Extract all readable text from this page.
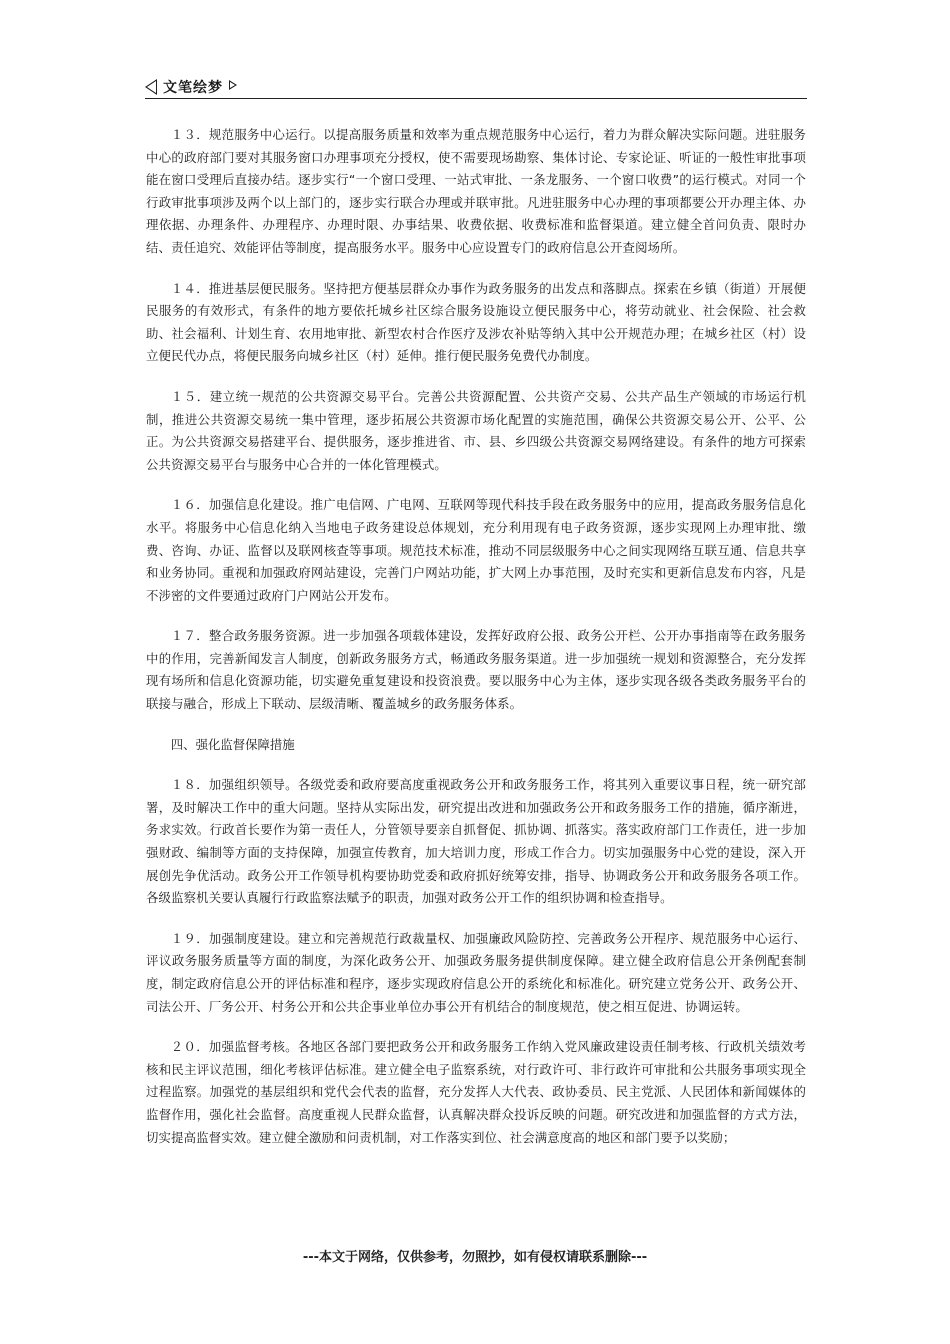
文笔绘梦

１３．规范服务中心运行。以提高服务质量和效率为重点规范服务中心运行，着力为群众解决实际问题。进驻服务中心的政府部门要对其服务窗口办理事项充分授权，使不需要现场勘察、集体讨论、专家论证、听证的一般性审批事项能在窗口受理后直接办结。逐步实行“一个窗口受理、一站式审批、一条龙服务、一个窗口收费”的运行模式。对同一个行政审批事项涉及两个以上部门的，逐步实行联合办理或并联审批。凡进驻服务中心办理的事项都要公开办理主体、办理依据、办理条件、办理程序、办理时限、办事结果、收费依据、收费标准和监督渠道。建立健全首问负责、限时办结、责任追究、效能评估等制度，提高服务水平。服务中心应设置专门的政府信息公开查阅场所。

１４．推进基层便民服务。坚持把方便基层群众办事作为政务服务的出发点和落脚点。探索在乡镇（街道）开展便民服务的有效形式，有条件的地方要依托城乡社区综合服务设施设立便民服务中心，将劳动就业、社会保险、社会救助、社会福利、计划生育、农用地审批、新型农村合作医疗及涉农补贴等纳入其中公开规范办理；在城乡社区（村）设立便民代办点，将便民服务向城乡社区（村）延伸。推行便民服务免费代办制度。

１５．建立统一规范的公共资源交易平台。完善公共资源配置、公共资产交易、公共产品生产领域的市场运行机制，推进公共资源交易统一集中管理，逐步拓展公共资源市场化配置的实施范围，确保公共资源交易公开、公平、公正。为公共资源交易搭建平台、提供服务，逐步推进省、市、县、乡四级公共资源交易网络建设。有条件的地方可探索公共资源交易平台与服务中心合并的一体化管理模式。

１６．加强信息化建设。推广电信网、广电网、互联网等现代科技手段在政务服务中的应用，提高政务服务信息化水平。将服务中心信息化纳入当地电子政务建设总体规划，充分利用现有电子政务资源，逐步实现网上办理审批、缴费、咨询、办证、监督以及联网核查等事项。规范技术标准，推动不同层级服务中心之间实现网络互联互通、信息共享和业务协同。重视和加强政府网站建设，完善门户网站功能，扩大网上办事范围，及时充实和更新信息发布内容，凡是不涉密的文件要通过政府门户网站公开发布。

１７．整合政务服务资源。进一步加强各项载体建设，发挥好政府公报、政务公开栏、公开办事指南等在政务服务中的作用，完善新闻发言人制度，创新政务服务方式，畅通政务服务渠道。进一步加强统一规划和资源整合，充分发挥现有场所和信息化资源功能，切实避免重复建设和投资浪费。要以服务中心为主体，逐步实现各级各类政务服务平台的联接与融合，形成上下联动、层级清晰、覆盖城乡的政务服务体系。

四、强化监督保障措施

１８．加强组织领导。各级党委和政府要高度重视政务公开和政务服务工作，将其列入重要议事日程，统一研究部署，及时解决工作中的重大问题。坚持从实际出发，研究提出改进和加强政务公开和政务服务工作的措施，循序渐进，务求实效。行政首长要作为第一责任人，分管领导要亲自抓督促、抓协调、抓落实。落实政府部门工作责任，进一步加强财政、编制等方面的支持保障，加强宣传教育，加大培训力度，形成工作合力。切实加强服务中心党的建设，深入开展创先争优活动。政务公开工作领导机构要协助党委和政府抓好统筹安排，指导、协调政务公开和政务服务各项工作。各级监察机关要认真履行行政监察法赋予的职责，加强对政务公开工作的组织协调和检查指导。

１９．加强制度建设。建立和完善规范行政裁量权、加强廉政风险防控、完善政务公开程序、规范服务中心运行、评议政务服务质量等方面的制度，为深化政务公开、加强政务服务提供制度保障。建立健全政府信息公开条例配套制度，制定政府信息公开的评估标准和程序，逐步实现政府信息公开的系统化和标准化。研究建立党务公开、政务公开、司法公开、厂务公开、村务公开和公共企事业单位办事公开有机结合的制度规范，使之相互促进、协调运转。

２０．加强监督考核。各地区各部门要把政务公开和政务服务工作纳入党风廉政建设责任制考核、行政机关绩效考核和民主评议范围，细化考核评估标准。建立健全电子监察系统，对行政许可、非行政许可审批和公共服务事项实现全过程监察。加强党的基层组织和党代会代表的监督，充分发挥人大代表、政协委员、民主党派、人民团体和新闻媒体的监督作用，强化社会监督。高度重视人民群众监督，认真解决群众投诉反映的问题。研究改进和加强监督的方式方法，切实提高监督实效。建立健全激励和问责机制，对工作落实到位、社会满意度高的地区和部门要予以奖励；

---本文于网络，仅供参考，勿照抄，如有侵权请联系删除---
